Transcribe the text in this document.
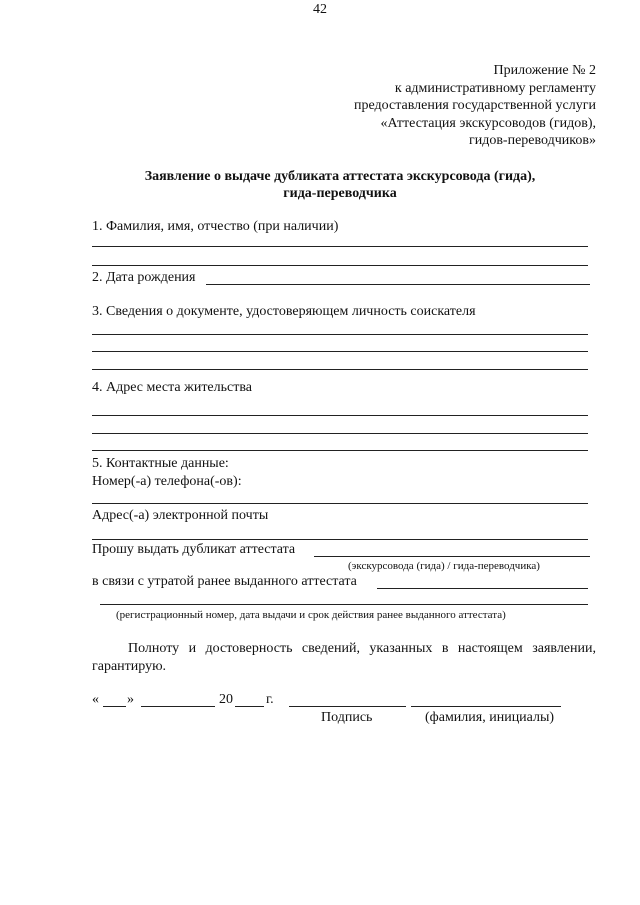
42
Приложение № 2
к административному регламенту
предоставления государственной услуги
«Аттестация экскурсоводов (гидов),
гидов-переводчиков»
Заявление о выдаче дубликата аттестата экскурсовода (гида),
гида-переводчика
1. Фамилия, имя, отчество (при наличии)
2. Дата рождения
3. Сведения о документе, удостоверяющем личность соискателя
4. Адрес места жительства
5. Контактные данные:
Номер(-а) телефона(-ов):
Адрес(-а) электронной почты
Прошу выдать дубликат аттестата
(экскурсовода (гида) / гида-переводчика)
в связи с утратой ранее выданного аттестата
(регистрационный номер, дата выдачи и срок действия ранее выданного аттестата)
Полноту и достоверность сведений, указанных в настоящем заявлении, гарантирую.
« »	20 г.
Подпись	(фамилия, инициалы)
